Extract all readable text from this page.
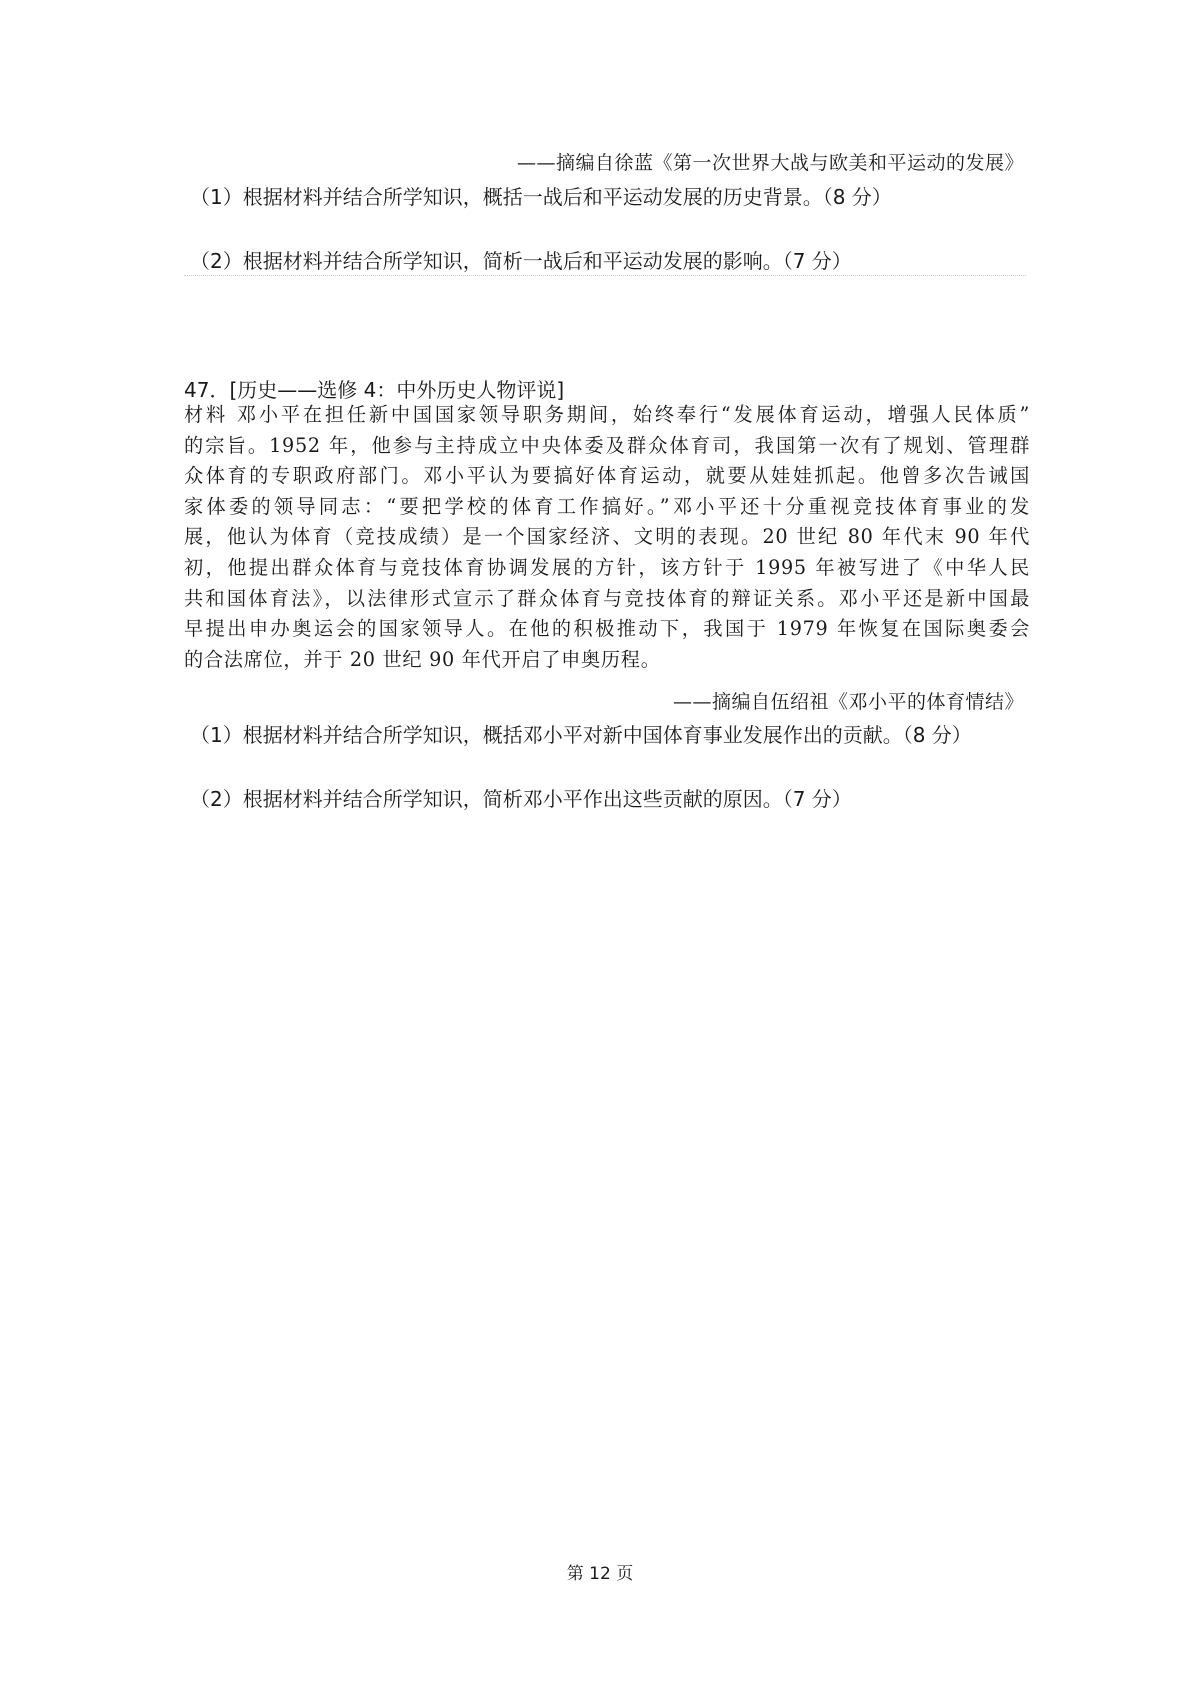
——摘编自徐蓝《第一次世界大战与欧美和平运动的发展》
（1）根据材料并结合所学知识，概括一战后和平运动发展的历史背景。（8 分）
（2）根据材料并结合所学知识，简析一战后和平运动发展的影响。（7 分）
47．[历史——选修 4：中外历史人物评说]
材料 邓小平在担任新中国国家领导职务期间，始终奉行“发展体育运动，增强人民体质”
的宗旨。1952 年，他参与主持成立中央体委及群众体育司，我国第一次有了规划、管理群
众体育的专职政府部门。邓小平认为要搞好体育运动，就要从娃娃抓起。他曾多次告诫国
家体委的领导同志：“要把学校的体育工作搞好。”邓小平还十分重视竞技体育事业的发
展，他认为体育（竞技成绩）是一个国家经济、文明的表现。20 世纪 80 年代末 90 年代
初，他提出群众体育与竞技体育协调发展的方针，该方针于 1995 年被写进了《中华人民
共和国体育法》，以法律形式宣示了群众体育与竞技体育的辩证关系。邓小平还是新中国最
早提出申办奥运会的国家领导人。在他的积极推动下，我国于 1979 年恢复在国际奥委会
的合法席位，并于 20 世纪 90 年代开启了申奥历程。
——摘编自伍绍祖《邓小平的体育情结》
（1）根据材料并结合所学知识，概括邓小平对新中国体育事业发展作出的贡献。（8 分）
（2）根据材料并结合所学知识，简析邓小平作出这些贡献的原因。（7 分）
第 12 页
